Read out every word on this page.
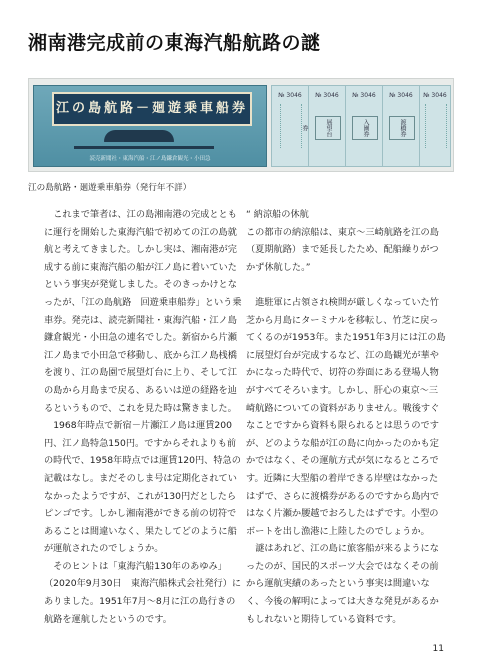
湘南港完成前の東海汽船航路の謎
江の島航路－廻遊乗車船券
読売新聞社・東海汽船・江ノ島鎌倉観光・小田急
№ 3046	№ 3046
展望台券
№ 3046
入園券
№ 3046
渡橋券
№ 3046

江の島航路・廻遊乗車船券（発行年不詳）

これまで筆者は、江の島湘南港の完成とともに運行を開始した東海汽船で初めての江の島就航と考えてきました。しかし実は、湘南港が完成する前に東海汽船の船が江ノ島に着いていたという事実が発覚しました。そのきっかけとなったが、「江の島航路　回遊乗車船券」という乗車券。発売は、読売新聞社・東海汽船・江ノ島鎌倉観光・小田急の連名でした。新宿から片瀬江ノ島まで小田急で移動し、底から江ノ島桟橋を渡り、江の島園で展望灯台に上り、そして江の島から月島まで戻る、あるいは逆の経路を辿るというもので、これを見た時は驚きました。

1968年時点で新宿－片瀬江ノ島は運賃200円、江ノ島特急150円。ですからそれよりも前の時代で、1958年時点では運賃120円、特急の記載はなし。まだそのしま号は定期化されていなかったようですが、これが130円だとしたらピンゴです。しかし湘南港ができる前の切符であることは間違いなく、果たしてどのように船が運航されたのでしょうか。

そのヒントは「東海汽船130年のあゆみ」（2020年9月30日　東海汽船株式会社発行）にありました。1951年7月～8月に江の島行きの航路を運航したというのです。

“ 納涼船の休航

この都市の納涼船は、東京～三崎航路を江の島（夏期航路）まで延長したため、配船繰りがつかず休航した。”

進駐軍に占領され検問が厳しくなっていた竹芝から月島にターミナルを移転し、竹芝に戻ってくるのが1953年。また1951年3月には江の島に展望灯台が完成するなど、江の島観光が華やかになった時代で、切符の券面にある登場人物がすべてそろいます。しかし、肝心の東京～三崎航路についての資料がありません。戦後すぐなことですから資料も限られるとは思うのですが、どのような船が江の島に向かったのかも定かではなく、その運航方式が気になるところです。近隣に大型船の着岸できる岸壁はなかったはずで、さらに渡橋券があるのですから島内ではなく片瀬か腰越でおろしたはずです。小型のボートを出し漁港に上陸したのでしょうか。

謎はあれど、江の島に旅客船が来るようになったのが、国民的スポーツ大会ではなくその前から運航実績のあったという事実は間違いなく、今後の解明によっては大きな発見があるかもしれないと期待している資料です。

11
